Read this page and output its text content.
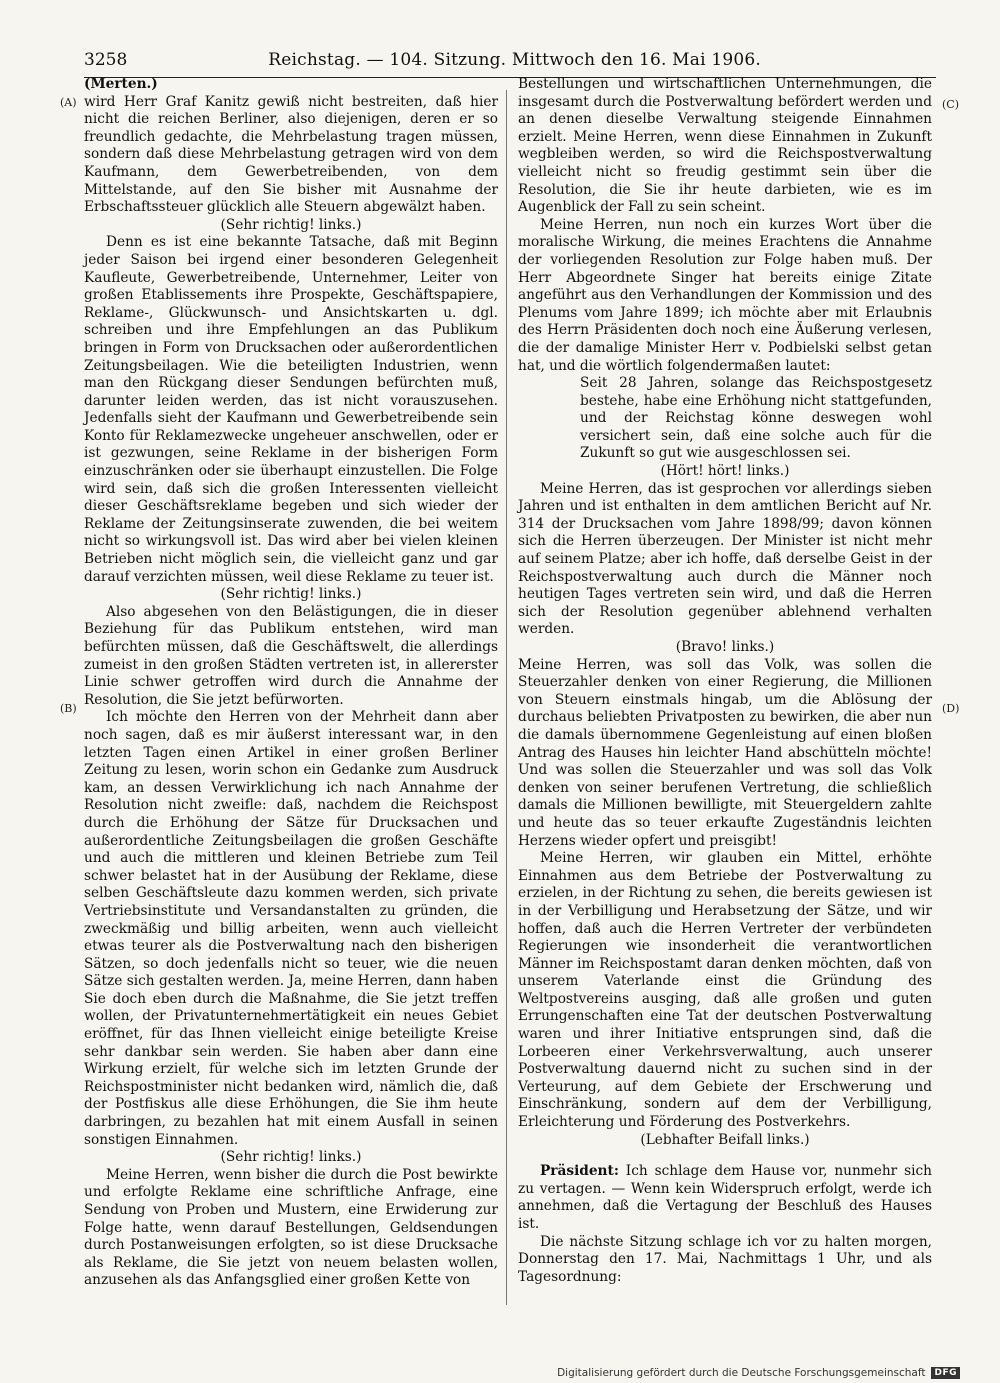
3258	Reichstag. — 104. Sitzung. Mittwoch den 16. Mai 1906.
(A)
(B)
(C)
(D)

(Merten.)

wird Herr Graf Kanitz gewiß nicht bestreiten, daß hier nicht die reichen Berliner, also diejenigen, deren er so freundlich gedachte, die Mehrbelastung tragen müssen, sondern daß diese Mehrbelastung getragen wird von dem Kaufmann, dem Gewerbetreibenden, von dem Mittelstande, auf den Sie bisher mit Ausnahme der Erbschaftssteuer glücklich alle Steuern abgewälzt haben.

(Sehr richtig! links.)

Denn es ist eine bekannte Tatsache, daß mit Beginn jeder Saison bei irgend einer besonderen Gelegenheit Kaufleute, Gewerbetreibende, Unternehmer, Leiter von großen Etablissements ihre Prospekte, Geschäftspapiere, Reklame-, Glückwunsch- und Ansichtskarten u. dgl. schreiben und ihre Empfehlungen an das Publikum bringen in Form von Drucksachen oder außerordentlichen Zeitungsbeilagen. Wie die beteiligten Industrien, wenn man den Rückgang dieser Sendungen befürchten muß, darunter leiden werden, das ist nicht vorauszusehen. Jedenfalls sieht der Kaufmann und Gewerbetreibende sein Konto für Reklamezwecke ungeheuer anschwellen, oder er ist gezwungen, seine Reklame in der bisherigen Form einzuschränken oder sie überhaupt einzustellen. Die Folge wird sein, daß sich die großen Interessenten vielleicht dieser Geschäftsreklame begeben und sich wieder der Reklame der Zeitungsinserate zuwenden, die bei weitem nicht so wirkungsvoll ist. Das wird aber bei vielen kleinen Betrieben nicht möglich sein, die vielleicht ganz und gar darauf verzichten müssen, weil diese Reklame zu teuer ist.

(Sehr richtig! links.)

Also abgesehen von den Belästigungen, die in dieser Beziehung für das Publikum entstehen, wird man befürchten müssen, daß die Geschäftswelt, die allerdings zumeist in den großen Städten vertreten ist, in allererster Linie schwer getroffen wird durch die Annahme der Resolution, die Sie jetzt befürworten.

Ich möchte den Herren von der Mehrheit dann aber noch sagen, daß es mir äußerst interessant war, in den letzten Tagen einen Artikel in einer großen Berliner Zeitung zu lesen, worin schon ein Gedanke zum Ausdruck kam, an dessen Verwirklichung ich nach Annahme der Resolution nicht zweifle: daß, nachdem die Reichspost durch die Erhöhung der Sätze für Drucksachen und außerordentliche Zeitungsbeilagen die großen Geschäfte und auch die mittleren und kleinen Betriebe zum Teil schwer belastet hat in der Ausübung der Reklame, diese selben Geschäftsleute dazu kommen werden, sich private Vertriebsinstitute und Versandanstalten zu gründen, die zweckmäßig und billig arbeiten, wenn auch vielleicht etwas teurer als die Postverwaltung nach den bisherigen Sätzen, so doch jedenfalls nicht so teuer, wie die neuen Sätze sich gestalten werden. Ja, meine Herren, dann haben Sie doch eben durch die Maßnahme, die Sie jetzt treffen wollen, der Privatunternehmertätigkeit ein neues Gebiet eröffnet, für das Ihnen vielleicht einige beteiligte Kreise sehr dankbar sein werden. Sie haben aber dann eine Wirkung erzielt, für welche sich im letzten Grunde der Reichspostminister nicht bedanken wird, nämlich die, daß der Postfiskus alle diese Erhöhungen, die Sie ihm heute darbringen, zu bezahlen hat mit einem Ausfall in seinen sonstigen Einnahmen.

(Sehr richtig! links.)

Meine Herren, wenn bisher die durch die Post bewirkte und erfolgte Reklame eine schriftliche Anfrage, eine Sendung von Proben und Mustern, eine Erwiderung zur Folge hatte, wenn darauf Bestellungen, Geldsendungen durch Postanweisungen erfolgten, so ist diese Drucksache als Reklame, die Sie jetzt von neuem belasten wollen, anzusehen als das Anfangsglied einer großen Kette von

Bestellungen und wirtschaftlichen Unternehmungen, die insgesamt durch die Postverwaltung befördert werden und an denen dieselbe Verwaltung steigende Einnahmen erzielt. Meine Herren, wenn diese Einnahmen in Zukunft wegbleiben werden, so wird die Reichspostverwaltung vielleicht nicht so freudig gestimmt sein über die Resolution, die Sie ihr heute darbieten, wie es im Augenblick der Fall zu sein scheint.

Meine Herren, nun noch ein kurzes Wort über die moralische Wirkung, die meines Erachtens die Annahme der vorliegenden Resolution zur Folge haben muß. Der Herr Abgeordnete Singer hat bereits einige Zitate angeführt aus den Verhandlungen der Kommission und des Plenums vom Jahre 1899; ich möchte aber mit Erlaubnis des Herrn Präsidenten doch noch eine Äußerung verlesen, die der damalige Minister Herr v. Podbielski selbst getan hat, und die wörtlich folgendermaßen lautet:

Seit 28 Jahren, solange das Reichspostgesetz bestehe, habe eine Erhöhung nicht stattgefunden, und der Reichstag könne deswegen wohl versichert sein, daß eine solche auch für die Zukunft so gut wie ausgeschlossen sei.

(Hört! hört! links.)

Meine Herren, das ist gesprochen vor allerdings sieben Jahren und ist enthalten in dem amtlichen Bericht auf Nr. 314 der Drucksachen vom Jahre 1898/99; davon können sich die Herren überzeugen. Der Minister ist nicht mehr auf seinem Platze; aber ich hoffe, daß derselbe Geist in der Reichspostverwaltung auch durch die Männer noch heutigen Tages vertreten sein wird, und daß die Herren sich der Resolution gegenüber ablehnend verhalten werden.

(Bravo! links.)

Meine Herren, was soll das Volk, was sollen die Steuerzahler denken von einer Regierung, die Millionen von Steuern einstmals hingab, um die Ablösung der durchaus beliebten Privatposten zu bewirken, die aber nun die damals übernommene Gegenleistung auf einen bloßen Antrag des Hauses hin leichter Hand abschütteln möchte! Und was sollen die Steuerzahler und was soll das Volk denken von seiner berufenen Vertretung, die schließlich damals die Millionen bewilligte, mit Steuergeldern zahlte und heute das so teuer erkaufte Zugeständnis leichten Herzens wieder opfert und preisgibt!

Meine Herren, wir glauben ein Mittel, erhöhte Einnahmen aus dem Betriebe der Postverwaltung zu erzielen, in der Richtung zu sehen, die bereits gewiesen ist in der Verbilligung und Herabsetzung der Sätze, und wir hoffen, daß auch die Herren Vertreter der verbündeten Regierungen wie insonderheit die verantwortlichen Männer im Reichspostamt daran denken möchten, daß von unserem Vaterlande einst die Gründung des Weltpostvereins ausging, daß alle großen und guten Errungenschaften eine Tat der deutschen Postverwaltung waren und ihrer Initiative entsprungen sind, daß die Lorbeeren einer Verkehrsverwaltung, auch unserer Postverwaltung dauernd nicht zu suchen sind in der Verteurung, auf dem Gebiete der Erschwerung und Einschränkung, sondern auf dem der Verbilligung, Erleichterung und Förderung des Postverkehrs.

(Lebhafter Beifall links.)

Präsident: Ich schlage dem Hause vor, nunmehr sich zu vertagen. — Wenn kein Widerspruch erfolgt, werde ich annehmen, daß die Vertagung der Beschluß des Hauses ist.

Die nächste Sitzung schlage ich vor zu halten morgen, Donnerstag den 17. Mai, Nachmittags 1 Uhr, und als Tagesordnung:

Digitalisierung gefördert durch die Deutsche Forschungsgemeinschaft	DFG
